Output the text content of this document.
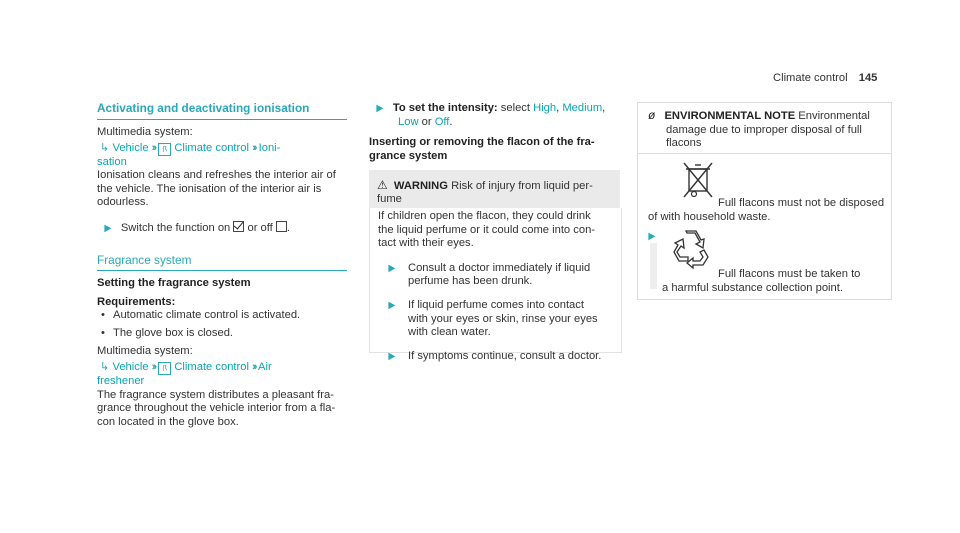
Climate control 145
Activating and deactivating ionisation
Multimedia system:
↳ Vehicle ›› ꟗ Climate control ›› Ioni-
sation
Ionisation cleans and refreshes the interior air of
the vehicle. The ionisation of the interior air is
odourless.
▶ Switch the function on or off .
Fragrance system
Setting the fragrance system
Requirements:
• Automatic climate control is activated.
• The glove box is closed.
Multimedia system:
↳ Vehicle ›› ꟗ Climate control ›› Air
freshener
The fragrance system distributes a pleasant fra-
grance throughout the vehicle interior from a fla-
con located in the glove box.
▶ To set the intensity: select High, Medium,
Low or Off.
Inserting or removing the flacon of the fra-
grance system
⚠ WARNING Risk of injury from liquid per-
fume
If children open the flacon, they could drink
the liquid perfume or it could come into con-
tact with their eyes.
▶	Consult a doctor immediately if liquid
perfume has been drunk.
▶	If liquid perfume comes into contact
with your eyes or skin, rinse your eyes
with clean water.
▶	If symptoms continue, consult a doctor.
ø ENVIRONMENTAL NOTE Environmental
damage due to improper disposal of full
flacons
Full flacons must not be disposed
of with household waste.
▶
Full flacons must be taken to
a harmful substance collection point.
